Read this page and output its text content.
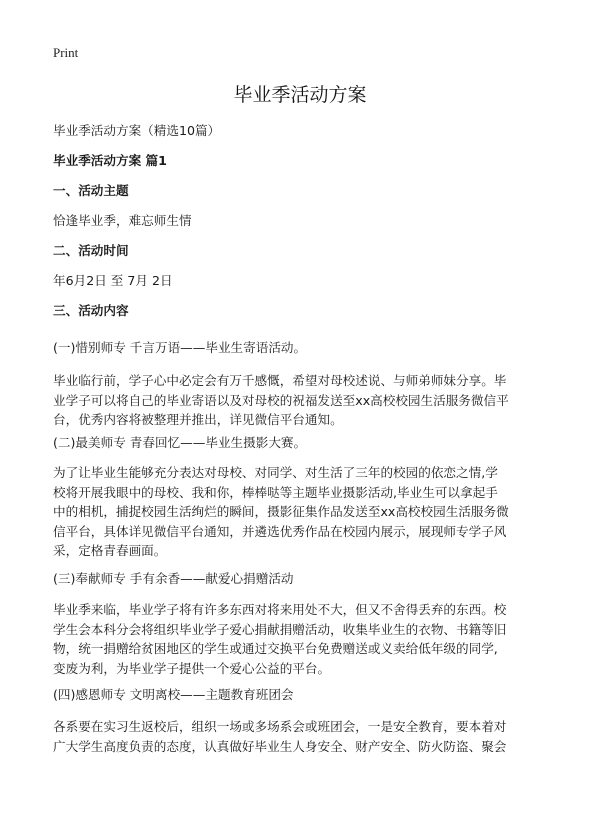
Print
毕业季活动方案

毕业季活动方案（精选10篇）

毕业季活动方案 篇1

一、活动主题

恰逢毕业季，难忘师生情

二、活动时间

年6月2日 至 7月 2日

三、活动内容

(一)惜别师专 千言万语——毕业生寄语活动。

毕业临行前，学子心中必定会有万千感慨，希望对母校述说、与师弟师妹分享。毕
业学子可以将自己的毕业寄语以及对母校的祝福发送至xx高校校园生活服务微信平
台，优秀内容将被整理并推出，详见微信平台通知。

(二)最美师专 青春回忆——毕业生摄影大赛。

为了让毕业生能够充分表达对母校、对同学、对生活了三年的校园的依恋之情,学
校将开展我眼中的母校、我和你，棒棒哒等主题毕业摄影活动,毕业生可以拿起手
中的相机，捕捉校园生活绚烂的瞬间，摄影征集作品发送至xx高校校园生活服务微
信平台，具体详见微信平台通知，并遴选优秀作品在校园内展示，展现师专学子风
采，定格青春画面。

(三)奉献师专 手有余香——献爱心捐赠活动

毕业季来临，毕业学子将有许多东西对将来用处不大，但又不舍得丢弃的东西。校
学生会本科分会将组织毕业学子爱心捐献捐赠活动，收集毕业生的衣物、书籍等旧
物，统一捐赠给贫困地区的学生或通过交换平台免费赠送或义卖给低年级的同学,
变废为利，为毕业学子提供一个爱心公益的平台。

(四)感恩师专 文明离校——主题教育班团会

各系要在实习生返校后，组织一场或多场系会或班团会，一是安全教育，要本着对
广大学生高度负责的态度，认真做好毕业生人身安全、财产安全、防火防盗、聚会
